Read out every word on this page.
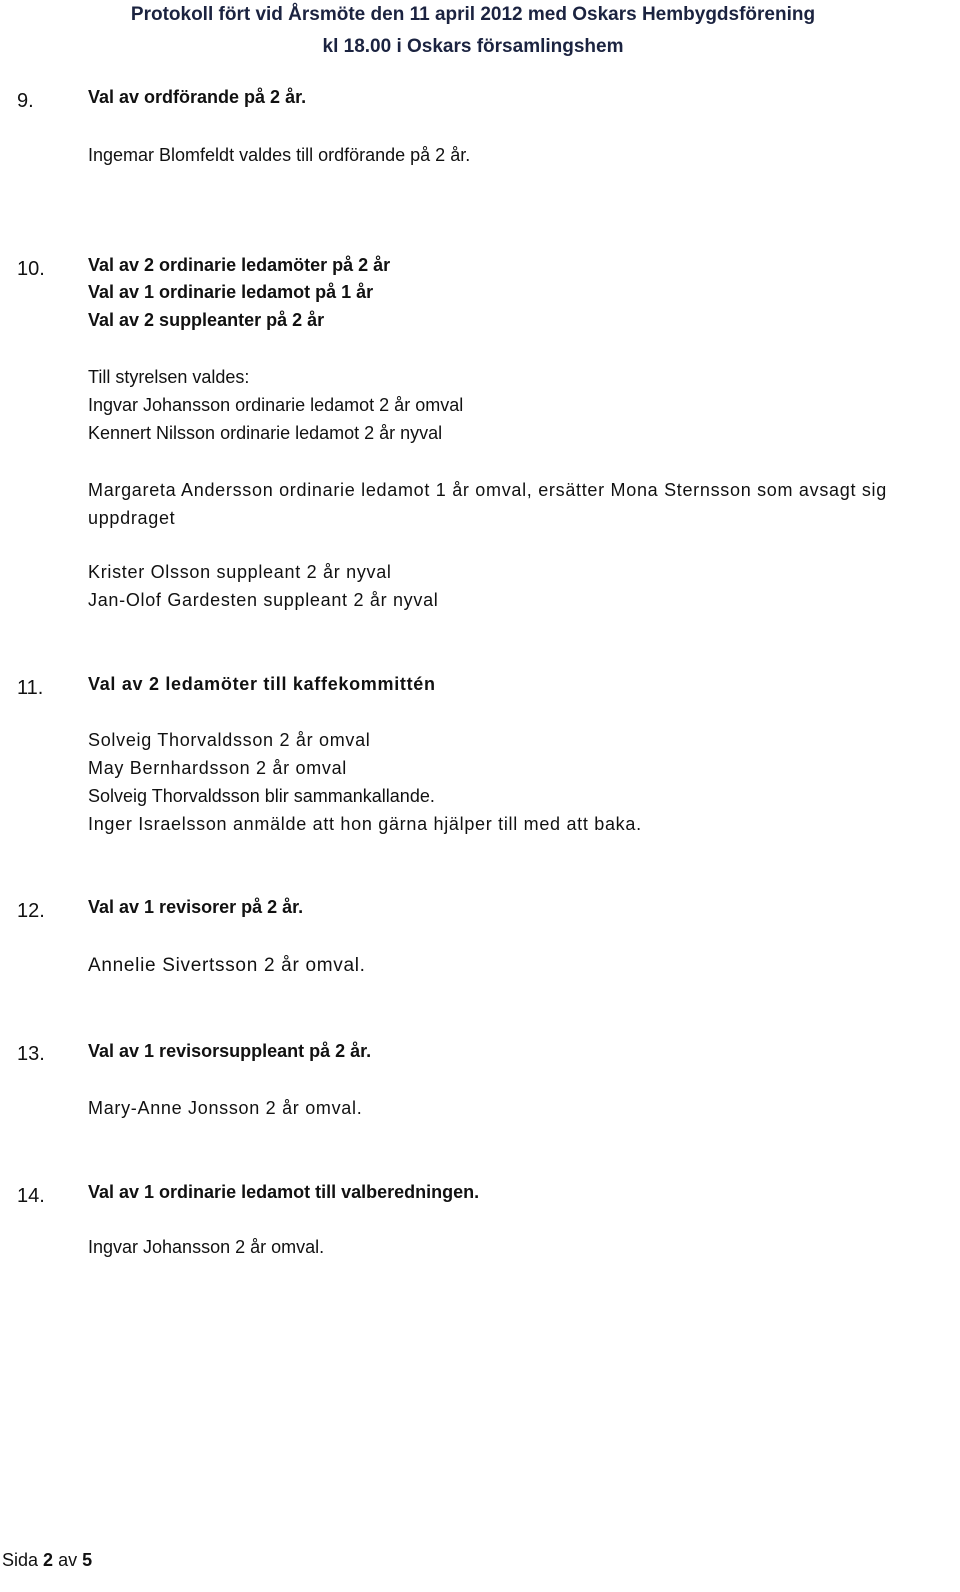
Protokoll fört vid Årsmöte den 11 april 2012 med Oskars Hembygdsförening
kl 18.00 i Oskars församlingshem
9.	Val av ordförande på 2 år.
Ingemar Blomfeldt valdes till ordförande på 2 år.
10. Val av 2 ordinarie ledamöter på 2 år
Val av 1 ordinarie ledamot på 1 år
Val av 2 suppleanter på 2 år
Till styrelsen valdes:
Ingvar Johansson ordinarie ledamot 2 år omval
Kennert Nilsson ordinarie ledamot 2 år nyval
Margareta Andersson ordinarie ledamot 1 år omval, ersätter Mona Sternsson som avsagt sig
uppdraget
Krister Olsson suppleant 2 år nyval
Jan-Olof Gardesten suppleant 2 år nyval
11. Val av 2 ledamöter till kaffekommittén
Solveig Thorvaldsson 2 år omval
May Bernhardsson 2 år omval
Solveig Thorvaldsson blir sammankallande.
Inger Israelsson anmälde att hon gärna hjälper till med att baka.
12. Val av 1 revisorer på 2 år.
Annelie Sivertsson 2 år omval.
13. Val av 1 revisorsuppleant på 2 år.
Mary-Anne Jonsson 2 år omval.
14. Val av 1 ordinarie ledamot till valberedningen.
Ingvar Johansson 2 år omval.
Sida 2 av 5
